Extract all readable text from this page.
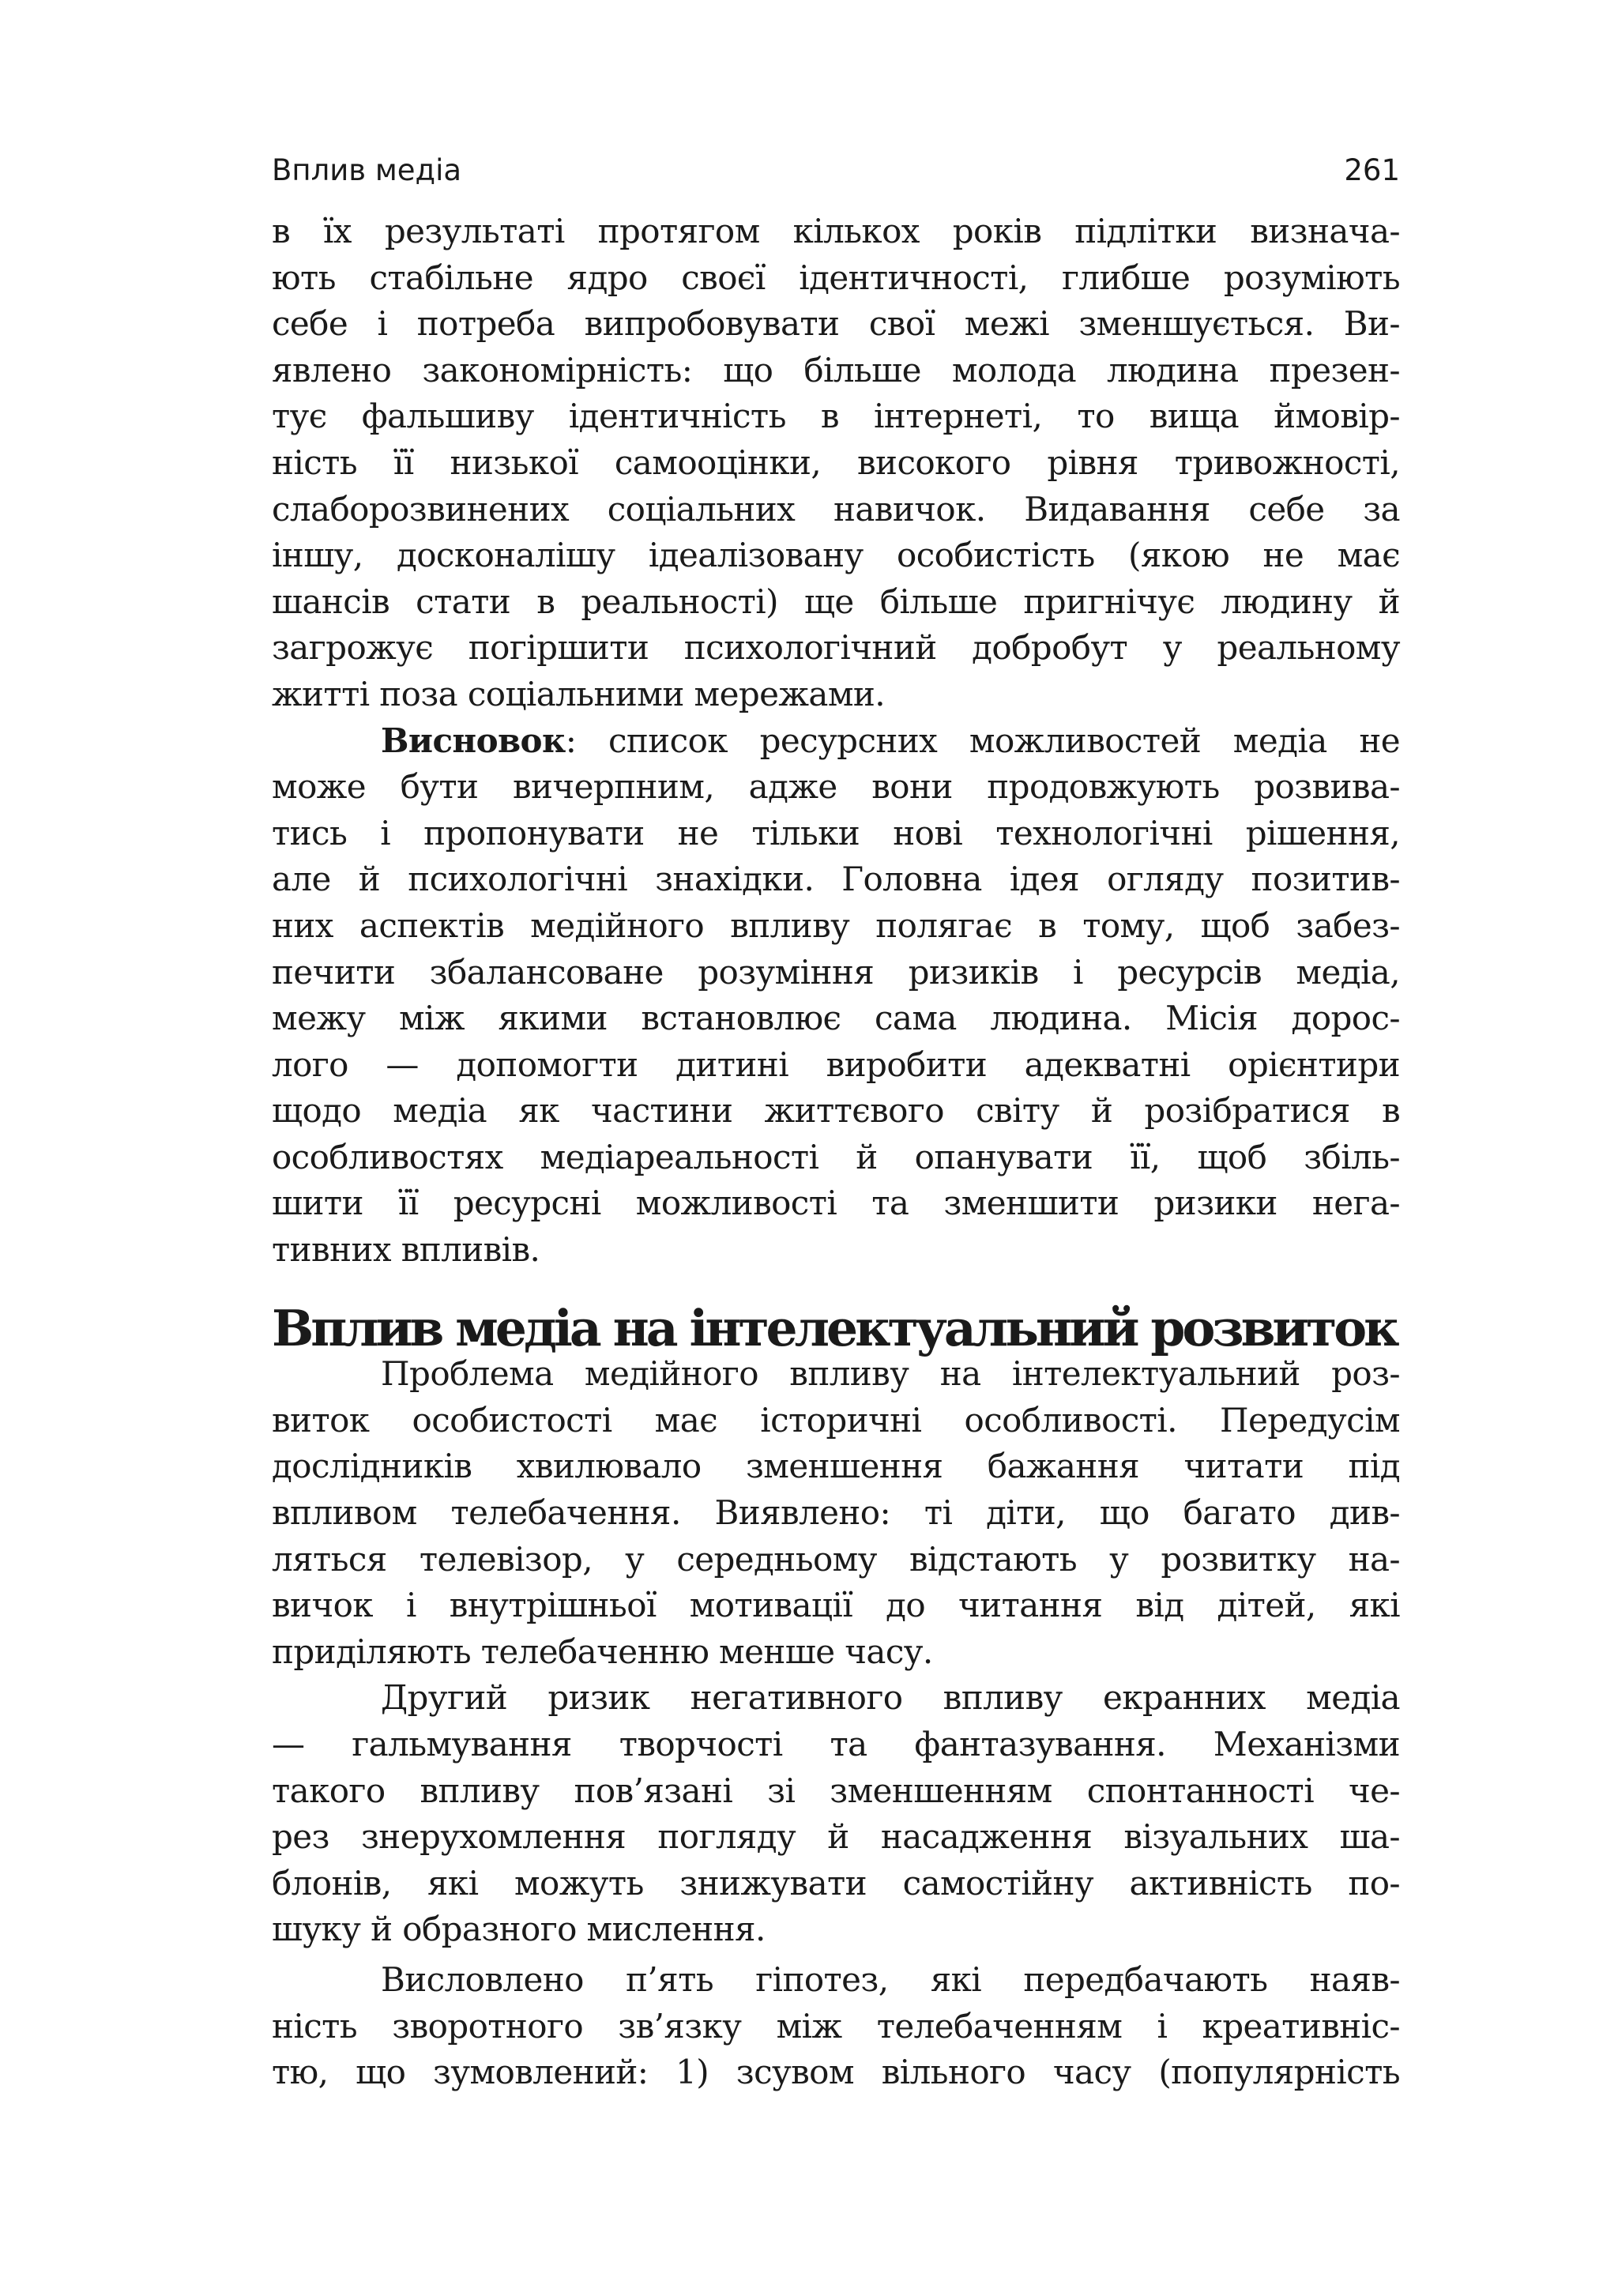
Вплив медіа	261
в їх результаті протягом кількох років підлітки визнача-
ють стабільне ядро своєї ідентичності, глибше розуміють
себе і потреба випробовувати свої межі зменшується. Ви-
явлено закономірність: що більше молода людина презен-
тує фальшиву ідентичність в інтернеті, то вища ймовір-
ність її низької самооцінки, високого рівня тривожності,
слаборозвинених соціальних навичок. Видавання себе за
іншу, досконалішу ідеалізовану особистість (якою не має
шансів стати в реальності) ще більше пригнічує людину й
загрожує погіршити психологічний добробут у реальному
житті поза соціальними мережами.
Висновок: список ресурсних можливостей медіа не
може бути вичерпним, адже вони продовжують розвива-
тись і пропонувати не тільки нові технологічні рішення,
але й психологічні знахідки. Головна ідея огляду позитив-
них аспектів медійного впливу полягає в тому, щоб забез-
печити збалансоване розуміння ризиків і ресурсів медіа,
межу між якими встановлює сама людина. Місія дорос-
лого — допомогти дитині виробити адекватні орієнтири
щодо медіа як частини життєвого світу й розібратися в
особливостях медіареальності й опанувати її, щоб збіль-
шити її ресурсні можливості та зменшити ризики нега-
тивних впливів.
Вплив медіа на інтелектуальний розвиток
Проблема медійного впливу на інтелектуальний роз-
виток особистості має історичні особливості. Передусім
дослідників хвилювало зменшення бажання читати під
впливом телебачення. Виявлено: ті діти, що багато див-
ляться телевізор, у середньому відстають у розвитку на-
вичок і внутрішньої мотивації до читання від дітей, які
приділяють телебаченню менше часу.
Другий ризик негативного впливу екранних медіа
— гальмування творчості та фантазування. Механізми
такого впливу пов’язані зі зменшенням спонтанності че-
рез знерухомлення погляду й насадження візуальних ша-
блонів, які можуть знижувати самостійну активність по-
шуку й образного мислення.
Висловлено п’ять гіпотез, які передбачають наяв-
ність зворотного зв’язку між телебаченням і креативніс-
тю, що зумовлений: 1) зсувом вільного часу (популярність
